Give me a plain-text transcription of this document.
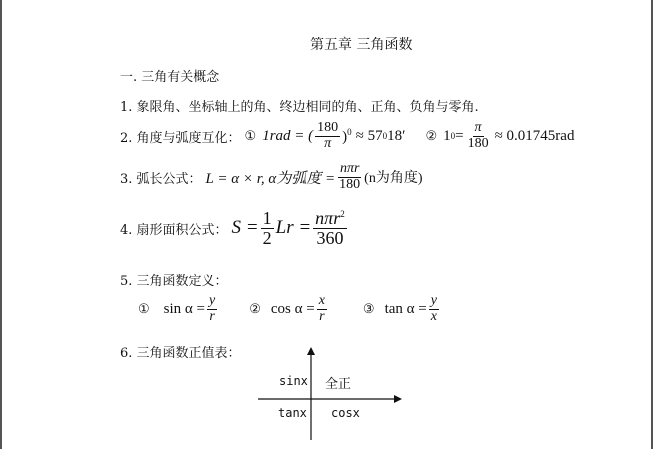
第五章 三角函数
一. 三角有关概念
1. 象限角、坐标轴上的角、终边相同的角、正角、负角与零角.
2. 角度与弧度互化： ① 1rad = ( $\frac{180}{\pi} )^0 \approx 57$ 0 18′ ② 1 $0 = \frac{\pi}{180} \approx 0.01745rad$
3. 弧长公式： L = α × r, α为弧度 = $\frac{\text{nπr}}{180} (n$为角度)
4. 扇形面积公式： $S = \frac{1}{2}$ $Lr = \frac{n\pi r^2}{360}$
5. 三角函数定义：
① $\sin \alpha = \frac{y}{r}$ ② $\cos \alpha = \frac{x}{r}$	③ $\tan \alpha = \frac{y}{x}$
6. 三角函数正值表：
sinx 全正
tanx cosx
